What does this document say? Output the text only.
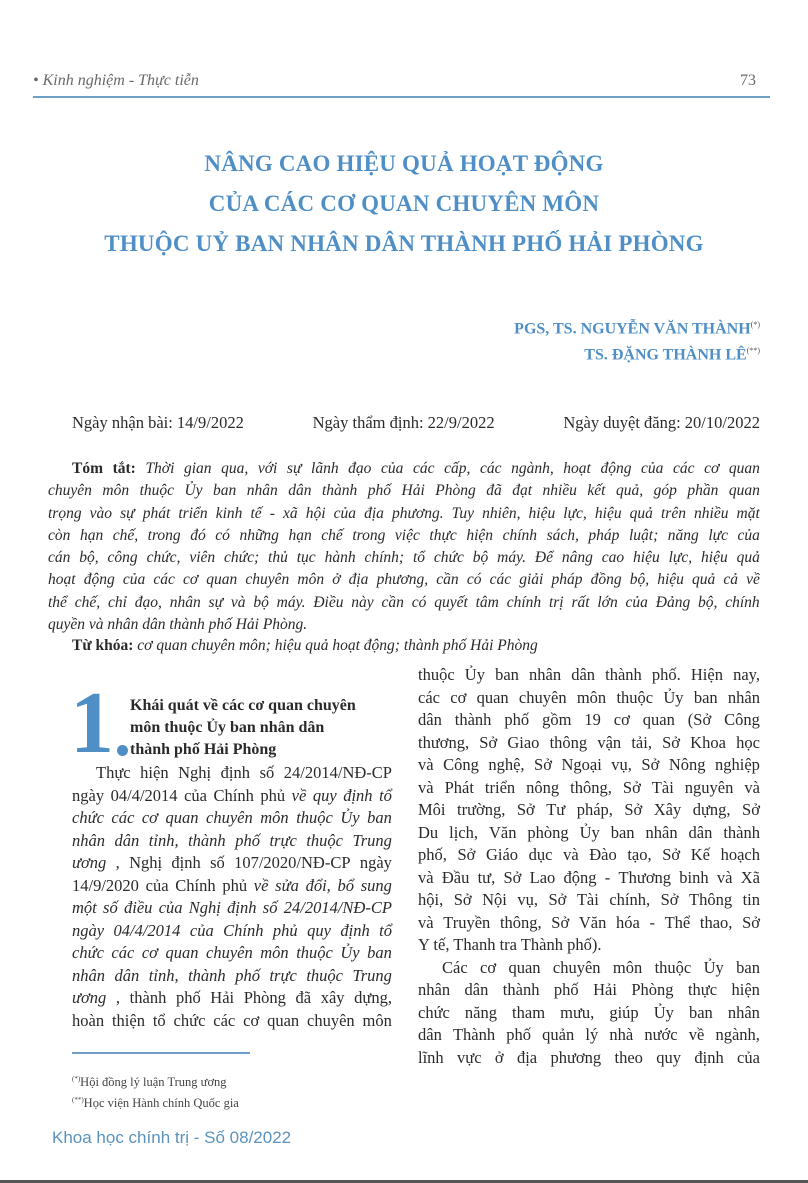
• Kinh nghiệm - Thực tiễn	73
NÂNG CAO HIỆU QUẢ HOẠT ĐỘNG
CỦA CÁC CƠ QUAN CHUYÊN MÔN
THUỘC UỶ BAN NHÂN DÂN THÀNH PHỐ HẢI PHÒNG
PGS, TS. NGUYỄN VĂN THÀNH(*)
TS. ĐẶNG THÀNH LÊ(**)
Ngày nhận bài: 14/9/2022	Ngày thẩm định: 22/9/2022	Ngày duyệt đăng: 20/10/2022
Tóm tắt: Thời gian qua, với sự lãnh đạo của các cấp, các ngành, hoạt động của các cơ quan
chuyên môn thuộc Ủy ban nhân dân thành phố Hải Phòng đã đạt nhiều kết quả, góp phần quan
trọng vào sự phát triển kinh tế - xã hội của địa phương. Tuy nhiên, hiệu lực, hiệu quả trên nhiều mặt
còn hạn chế, trong đó có những hạn chế trong việc thực hiện chính sách, pháp luật; năng lực của
cán bộ, công chức, viên chức; thủ tục hành chính; tổ chức bộ máy. Để nâng cao hiệu lực, hiệu quả
hoạt động của các cơ quan chuyên môn ở địa phương, cần có các giải pháp đồng bộ, hiệu quả cả về
thể chế, chỉ đạo, nhân sự và bộ máy. Điều này cần có quyết tâm chính trị rất lớn của Đảng bộ, chính
quyền và nhân dân thành phố Hải Phòng.
Từ khóa: cơ quan chuyên môn; hiệu quả hoạt động; thành phố Hải Phòng
1 Khái quát về các cơ quan chuyên
môn thuộc Ủy ban nhân dân
thành phố Hải Phòng
Thực hiện Nghị định số 24/2014/NĐ-CP
ngày 04/4/2014 của Chính phủ về quy định tổ
chức các cơ quan chuyên môn thuộc Ủy ban
nhân dân tỉnh, thành phố trực thuộc Trung
ương , Nghị định số 107/2020/NĐ-CP ngày
14/9/2020 của Chính phủ về sửa đổi, bổ sung
một số điều của Nghị định số 24/2014/NĐ-CP
ngày 04/4/2014 của Chính phủ quy định tổ
chức các cơ quan chuyên môn thuộc Ủy ban
nhân dân tỉnh, thành phố trực thuộc Trung
ương , thành phố Hải Phòng đã xây dựng,
hoàn thiện tổ chức các cơ quan chuyên môn
thuộc Ủy ban nhân dân thành phố. Hiện nay,
các cơ quan chuyên môn thuộc Ủy ban nhân
dân thành phố gồm 19 cơ quan (Sở Công
thương, Sở Giao thông vận tải, Sở Khoa học
và Công nghệ, Sở Ngoại vụ, Sở Nông nghiệp
và Phát triển nông thông, Sở Tài nguyên và
Môi trường, Sở Tư pháp, Sở Xây dựng, Sở
Du lịch, Văn phòng Ủy ban nhân dân thành
phố, Sở Giáo dục và Đào tạo, Sở Kế hoạch
và Đầu tư, Sở Lao động - Thương binh và Xã
hội, Sở Nội vụ, Sở Tài chính, Sở Thông tin
và Truyền thông, Sở Văn hóa - Thể thao, Sở
Y tế, Thanh tra Thành phố).
Các cơ quan chuyên môn thuộc Ủy ban
nhân dân thành phố Hải Phòng thực hiện
chức năng tham mưu, giúp Ủy ban nhân
dân Thành phố quản lý nhà nước về ngành,
lĩnh vực ở địa phương theo quy định của
(*)Hội đồng lý luận Trung ương
(**)Học viện Hành chính Quốc gia
Khoa học chính trị - Số 08/2022
